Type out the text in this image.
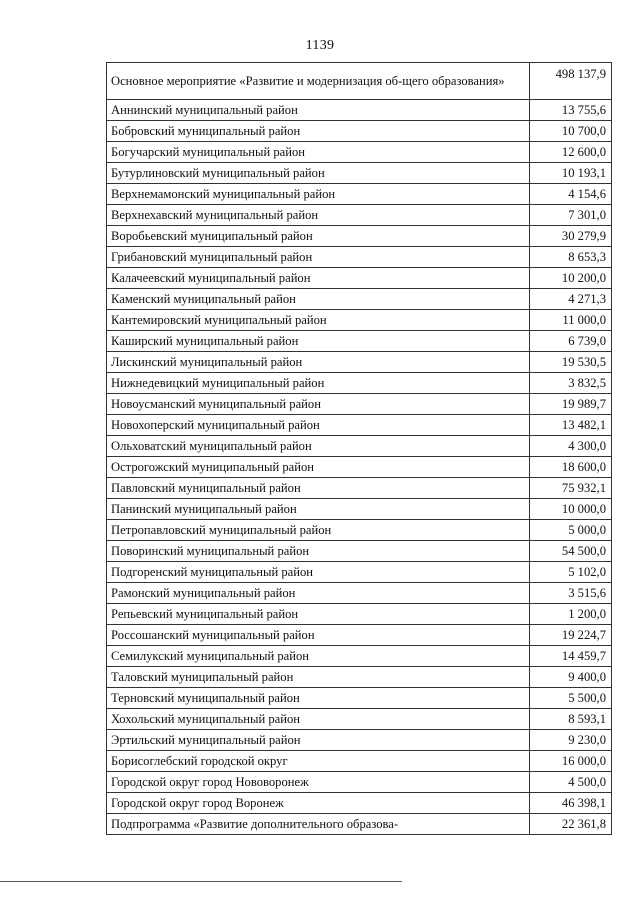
1139
Основное мероприятие «Развитие и модернизация об-щего образования»	498 137,9
Аннинский муниципальный район	13 755,6
Бобровский муниципальный район	10 700,0
Богучарский муниципальный район	12 600,0
Бутурлиновский муниципальный район	10 193,1
Верхнемамонский муниципальный район	4 154,6
Верхнехавский муниципальный район	7 301,0
Воробьевский муниципальный район	30 279,9
Грибановский муниципальный район	8 653,3
Калачеевский муниципальный район	10 200,0
Каменский муниципальный район	4 271,3
Кантемировский муниципальный район	11 000,0
Каширский муниципальный район	6 739,0
Лискинский муниципальный район	19 530,5
Нижнедевицкий муниципальный район	3 832,5
Новоусманский муниципальный район	19 989,7
Новохоперский муниципальный район	13 482,1
Ольховатский муниципальный район	4 300,0
Острогожский муниципальный район	18 600,0
Павловский муниципальный район	75 932,1
Панинский муниципальный район	10 000,0
Петропавловский муниципальный район	5 000,0
Поворинский муниципальный район	54 500,0
Подгоренский муниципальный район	5 102,0
Рамонский муниципальный район	3 515,6
Репьевский муниципальный район	1 200,0
Россошанский муниципальный район	19 224,7
Семилукский муниципальный район	14 459,7
Таловский муниципальный район	9 400,0
Терновский муниципальный район	5 500,0
Хохольский муниципальный район	8 593,1
Эртильский муниципальный район	9 230,0
Борисоглебский городской округ	16 000,0
Городской округ город Нововоронеж	4 500,0
Городской округ город Воронеж	46 398,1
Подпрограмма «Развитие дополнительного образова-	22 361,8
